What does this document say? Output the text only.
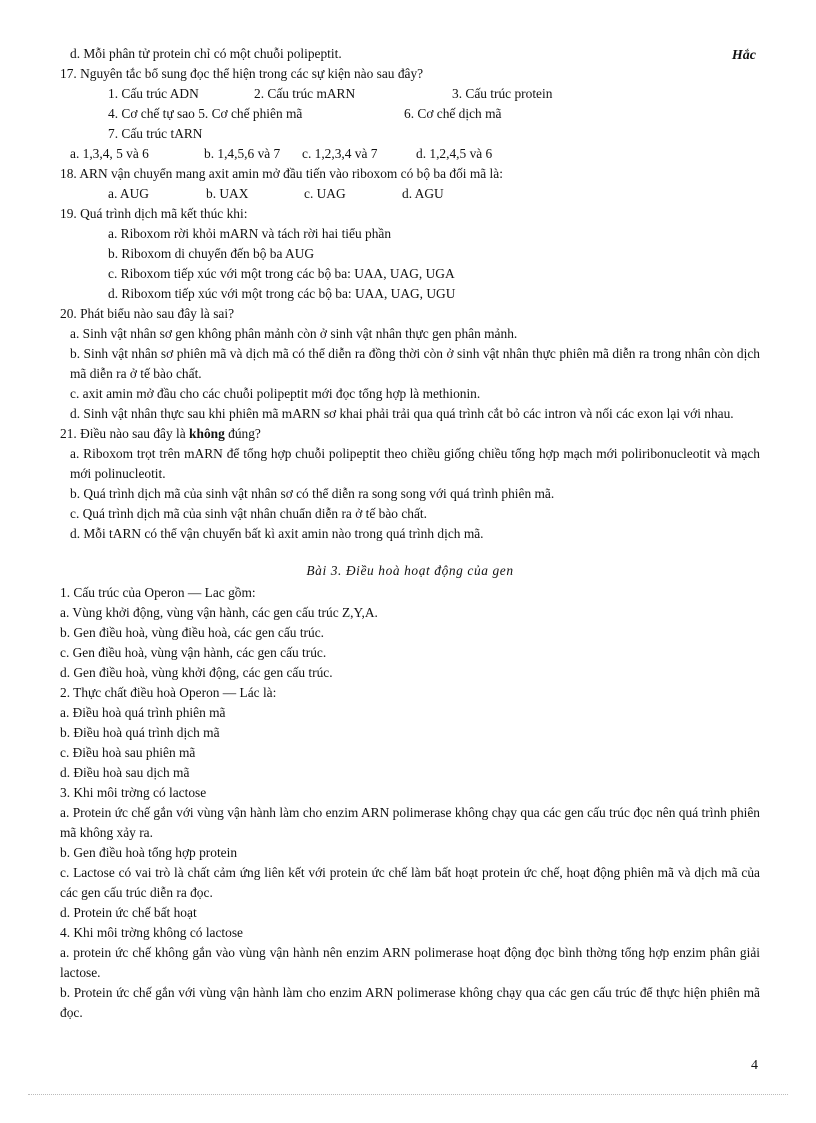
Hắc

d. Mỗi phân tử protein chỉ có một chuỗi polipeptit.

17. Nguyên tắc bổ sung đọc thể hiện trong các sự kiện nào sau đây?

1. Cấu trúc ADN	2. Cấu trúc mARN	3. Cấu trúc protein
4. Cơ chế tự sao 5. Cơ chế phiên mã	6. Cơ chế dịch mã
7. Cấu trúc tARN
a. 1,3,4, 5 và 6	b. 1,4,5,6 và 7	c. 1,2,3,4 và 7	d. 1,2,4,5 và 6

18. ARN vận chuyển mang axit amin mở đầu tiến vào riboxom có bộ ba đối mã là:

a. AUG	b. UAX	c. UAG	d. AGU

19. Quá trình dịch mã kết thúc khi:

a. Riboxom rời khỏi mARN và tách rời hai tiểu phần

b. Riboxom di chuyển đến bộ ba AUG

c. Riboxom tiếp xúc với một trong các bộ ba: UAA, UAG, UGA

d. Riboxom tiếp xúc với một trong các bộ ba: UAA, UAG, UGU

20. Phát biểu nào sau đây là sai?

a. Sinh vật nhân sơ gen không phân mảnh còn ở sinh vật nhân thực gen phân mảnh.

b. Sinh vật nhân sơ phiên mã và dịch mã có thể diễn ra đồng thời còn ở sinh vật nhân thực phiên mã diễn ra trong nhân còn dịch mã diễn ra ở tế bào chất.

c. axit amin mở đầu cho các chuỗi polipeptit mới đọc tổng hợp là methionin.

d. Sinh vật nhân thực sau khi phiên mã mARN sơ khai phải trải qua quá trình cắt bỏ các intron và nối các exon lại với nhau.

21. Điều nào sau đây là không đúng?

a. Riboxom trọt trên mARN để tổng hợp chuỗi polipeptit theo chiều giống chiều tổng hợp mạch mới poliribonucleotit và mạch mới polinucleotit.

b. Quá trình dịch mã của sinh vật nhân sơ có thể diễn ra song song với quá trình phiên mã.

c. Quá trình dịch mã của sinh vật nhân chuẩn diễn ra ở tế bào chất.

d. Mỗi tARN có thể vận chuyển bất kì axit amin nào trong quá trình dịch mã.

Bài 3. Điều hoà hoạt động của gen

1. Cấu trúc của Operon — Lac gồm:

a. Vùng khởi động, vùng vận hành, các gen cấu trúc Z,Y,A.

b. Gen điều hoà, vùng điều hoà, các gen cấu trúc.

c. Gen điều hoà, vùng vận hành, các gen cấu trúc.

d. Gen điều hoà, vùng khởi động, các gen cấu trúc.

2. Thực chất điều hoà Operon — Lác là:

a. Điều hoà quá trình phiên mã

b. Điều hoà quá trình dịch mã

c. Điều hoà sau phiên mã

d. Điều hoà sau dịch mã

3. Khi môi trờng có lactose

a. Protein ức chế gắn với vùng vận hành làm cho enzim ARN polimerase không chạy qua các gen cấu trúc đọc nên quá trình phiên mã không xảy ra.

b. Gen điều hoà tổng hợp protein

c. Lactose có vai trò là chất cảm ứng liên kết với protein ức chế làm bất hoạt protein ức chế, hoạt động phiên mã và dịch mã của các gen cấu trúc diễn ra đọc.

d. Protein ức chế bất hoạt

4. Khi môi trờng không có lactose

a. protein ức chế không gắn vào vùng vận hành nên enzim ARN polimerase hoạt động đọc bình thờng tổng hợp enzim phân giải lactose.

b. Protein ức chế gắn với vùng vận hành làm cho enzim ARN polimerase không chạy qua các gen cấu trúc để thực hiện phiên mã đọc.

4
